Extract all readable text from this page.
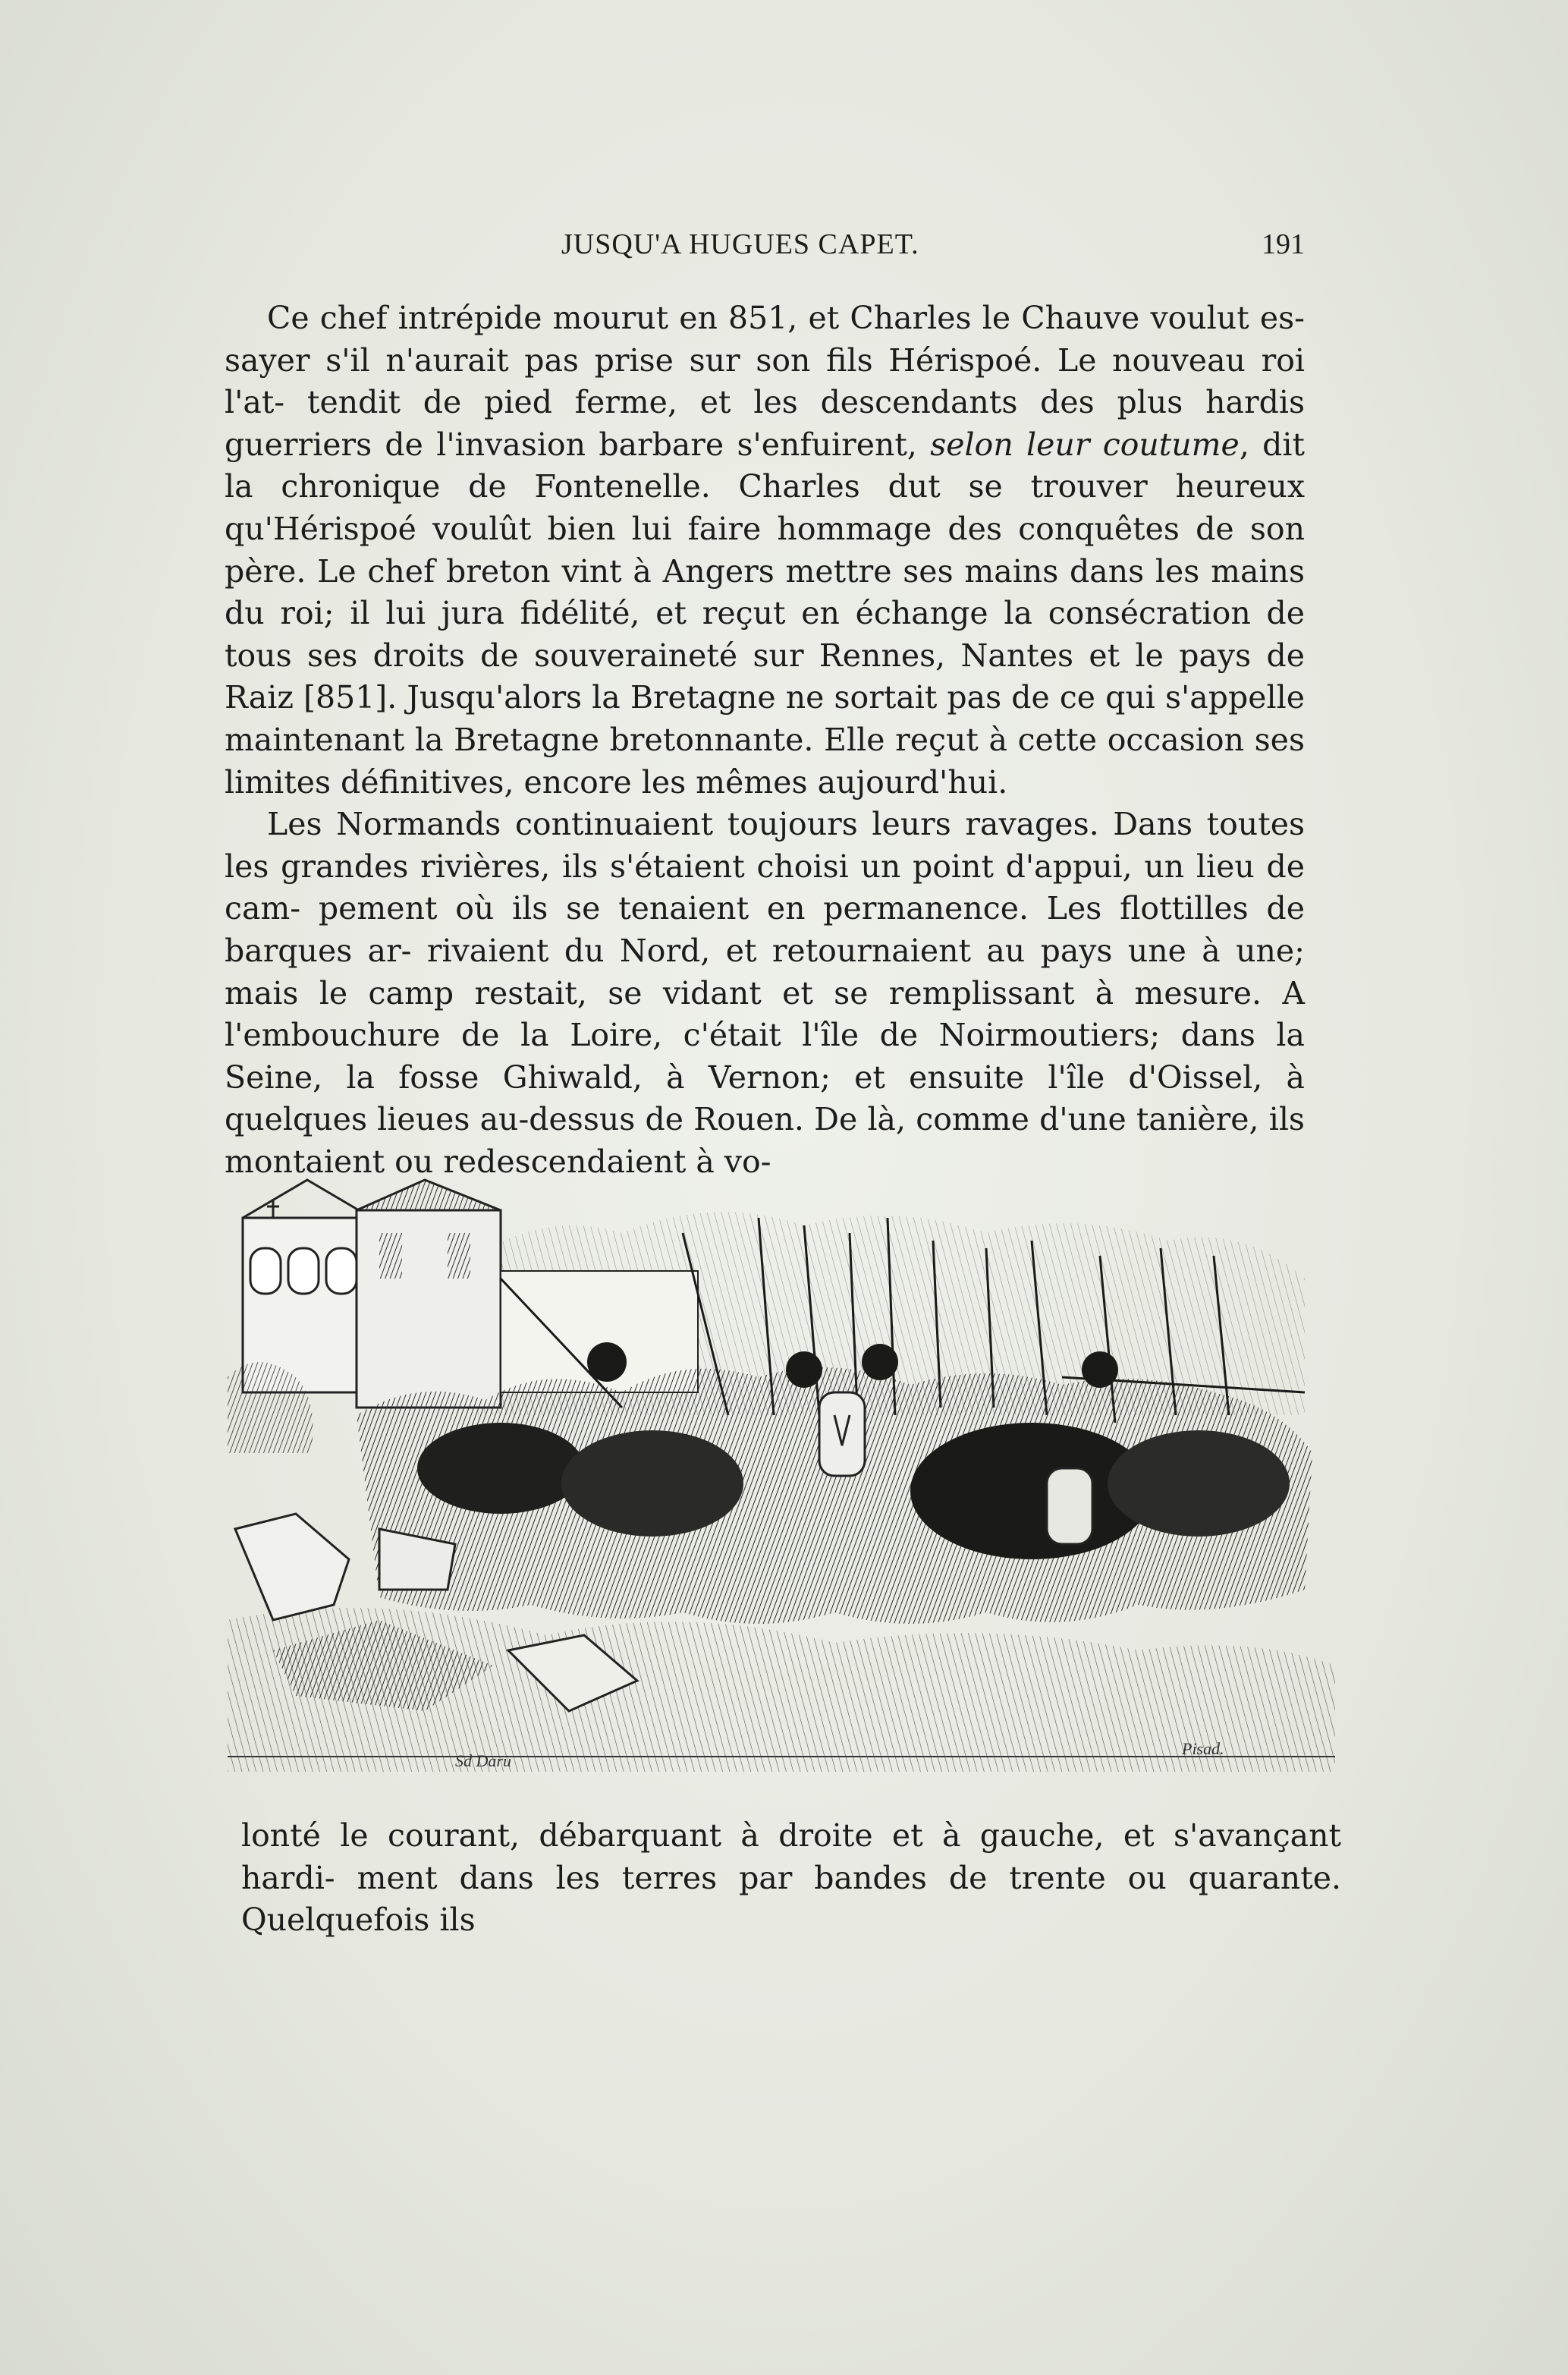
JUSQU'A HUGUES CAPET.	191

Ce chef intrépide mourut en 851, et Charles le Chauve voulut es- sayer s'il n'aurait pas prise sur son fils Hérispoé. Le nouveau roi l'at- tendit de pied ferme, et les descendants des plus hardis guerriers de l'invasion barbare s'enfuirent, selon leur coutume, dit la chronique de Fontenelle. Charles dut se trouver heureux qu'Hérispoé voulût bien lui faire hommage des conquêtes de son père. Le chef breton vint à Angers mettre ses mains dans les mains du roi; il lui jura fidélité, et reçut en échange la consécration de tous ses droits de souveraineté sur Rennes, Nantes et le pays de Raiz [851]. Jusqu'alors la Bretagne ne sortait pas de ce qui s'appelle maintenant la Bretagne bretonnante. Elle reçut à cette occasion ses limites définitives, encore les mêmes aujourd'hui.

Les Normands continuaient toujours leurs ravages. Dans toutes les grandes rivières, ils s'étaient choisi un point d'appui, un lieu de cam- pement où ils se tenaient en permanence. Les flottilles de barques ar- rivaient du Nord, et retournaient au pays une à une; mais le camp restait, se vidant et se remplissant à mesure. A l'embouchure de la Loire, c'était l'île de Noirmoutiers; dans la Seine, la fosse Ghiwald, à Vernon; et ensuite l'île d'Oissel, à quelques lieues au-dessus de Rouen. De là, comme d'une tanière, ils montaient ou redescendaient à vo-

Sd Daru
Pisad.

lonté le courant, débarquant à droite et à gauche, et s'avançant hardi- ment dans les terres par bandes de trente ou quarante. Quelquefois ils
